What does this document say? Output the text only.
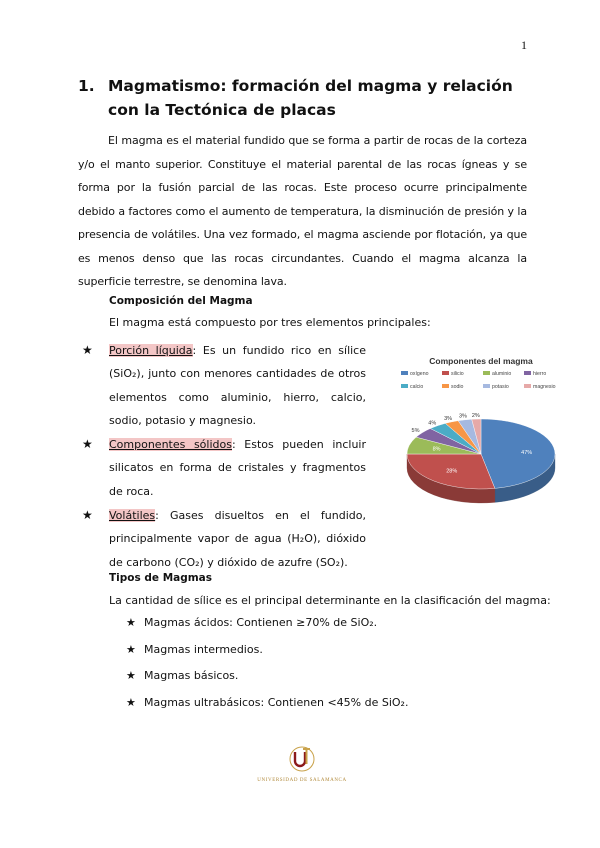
1
1. Magmatismo: formación del magma y relación con la Tectónica de placas
El magma es el material fundido que se forma a partir de rocas de la corteza y/o el manto superior. Constituye el material parental de las rocas ígneas y se forma por la fusión parcial de las rocas. Este proceso ocurre principalmente debido a factores como el aumento de temperatura, la disminución de presión y la presencia de volátiles. Una vez formado, el magma asciende por flotación, ya que es menos denso que las rocas circundantes. Cuando el magma alcanza la superficie terrestre, se denomina lava.
Composición del Magma
El magma está compuesto por tres elementos principales:
★ Porción líquida: Es un fundido rico en sílice (SiO₂), junto con menores cantidades de otros elementos como aluminio, hierro, calcio, sodio, potasio y magnesio.
★ Componentes sólidos: Estos pueden incluir silicatos en forma de cristales y fragmentos de roca.
★ Volátiles: Gases disueltos en el fundido, principalmente vapor de agua (H₂O), dióxido de carbono (CO₂) y dióxido de azufre (SO₂).
Tipos de Magmas
La cantidad de sílice es el principal determinante en la clasificación del magma:
★ Magmas ácidos: Contienen ≥70% de SiO₂.
★ Magmas intermedios.
★ Magmas básicos.
★ Magmas ultrabásicos: Contienen <45% de SiO₂.
Componentes del magma
oxígeno	silicio	aluminio	hierro
calcio	sodio	potasio	magnesio
47%
28%
8%
5%
4%
3% 3% 2%
UNIVERSIDAD DE SALAMANCA
